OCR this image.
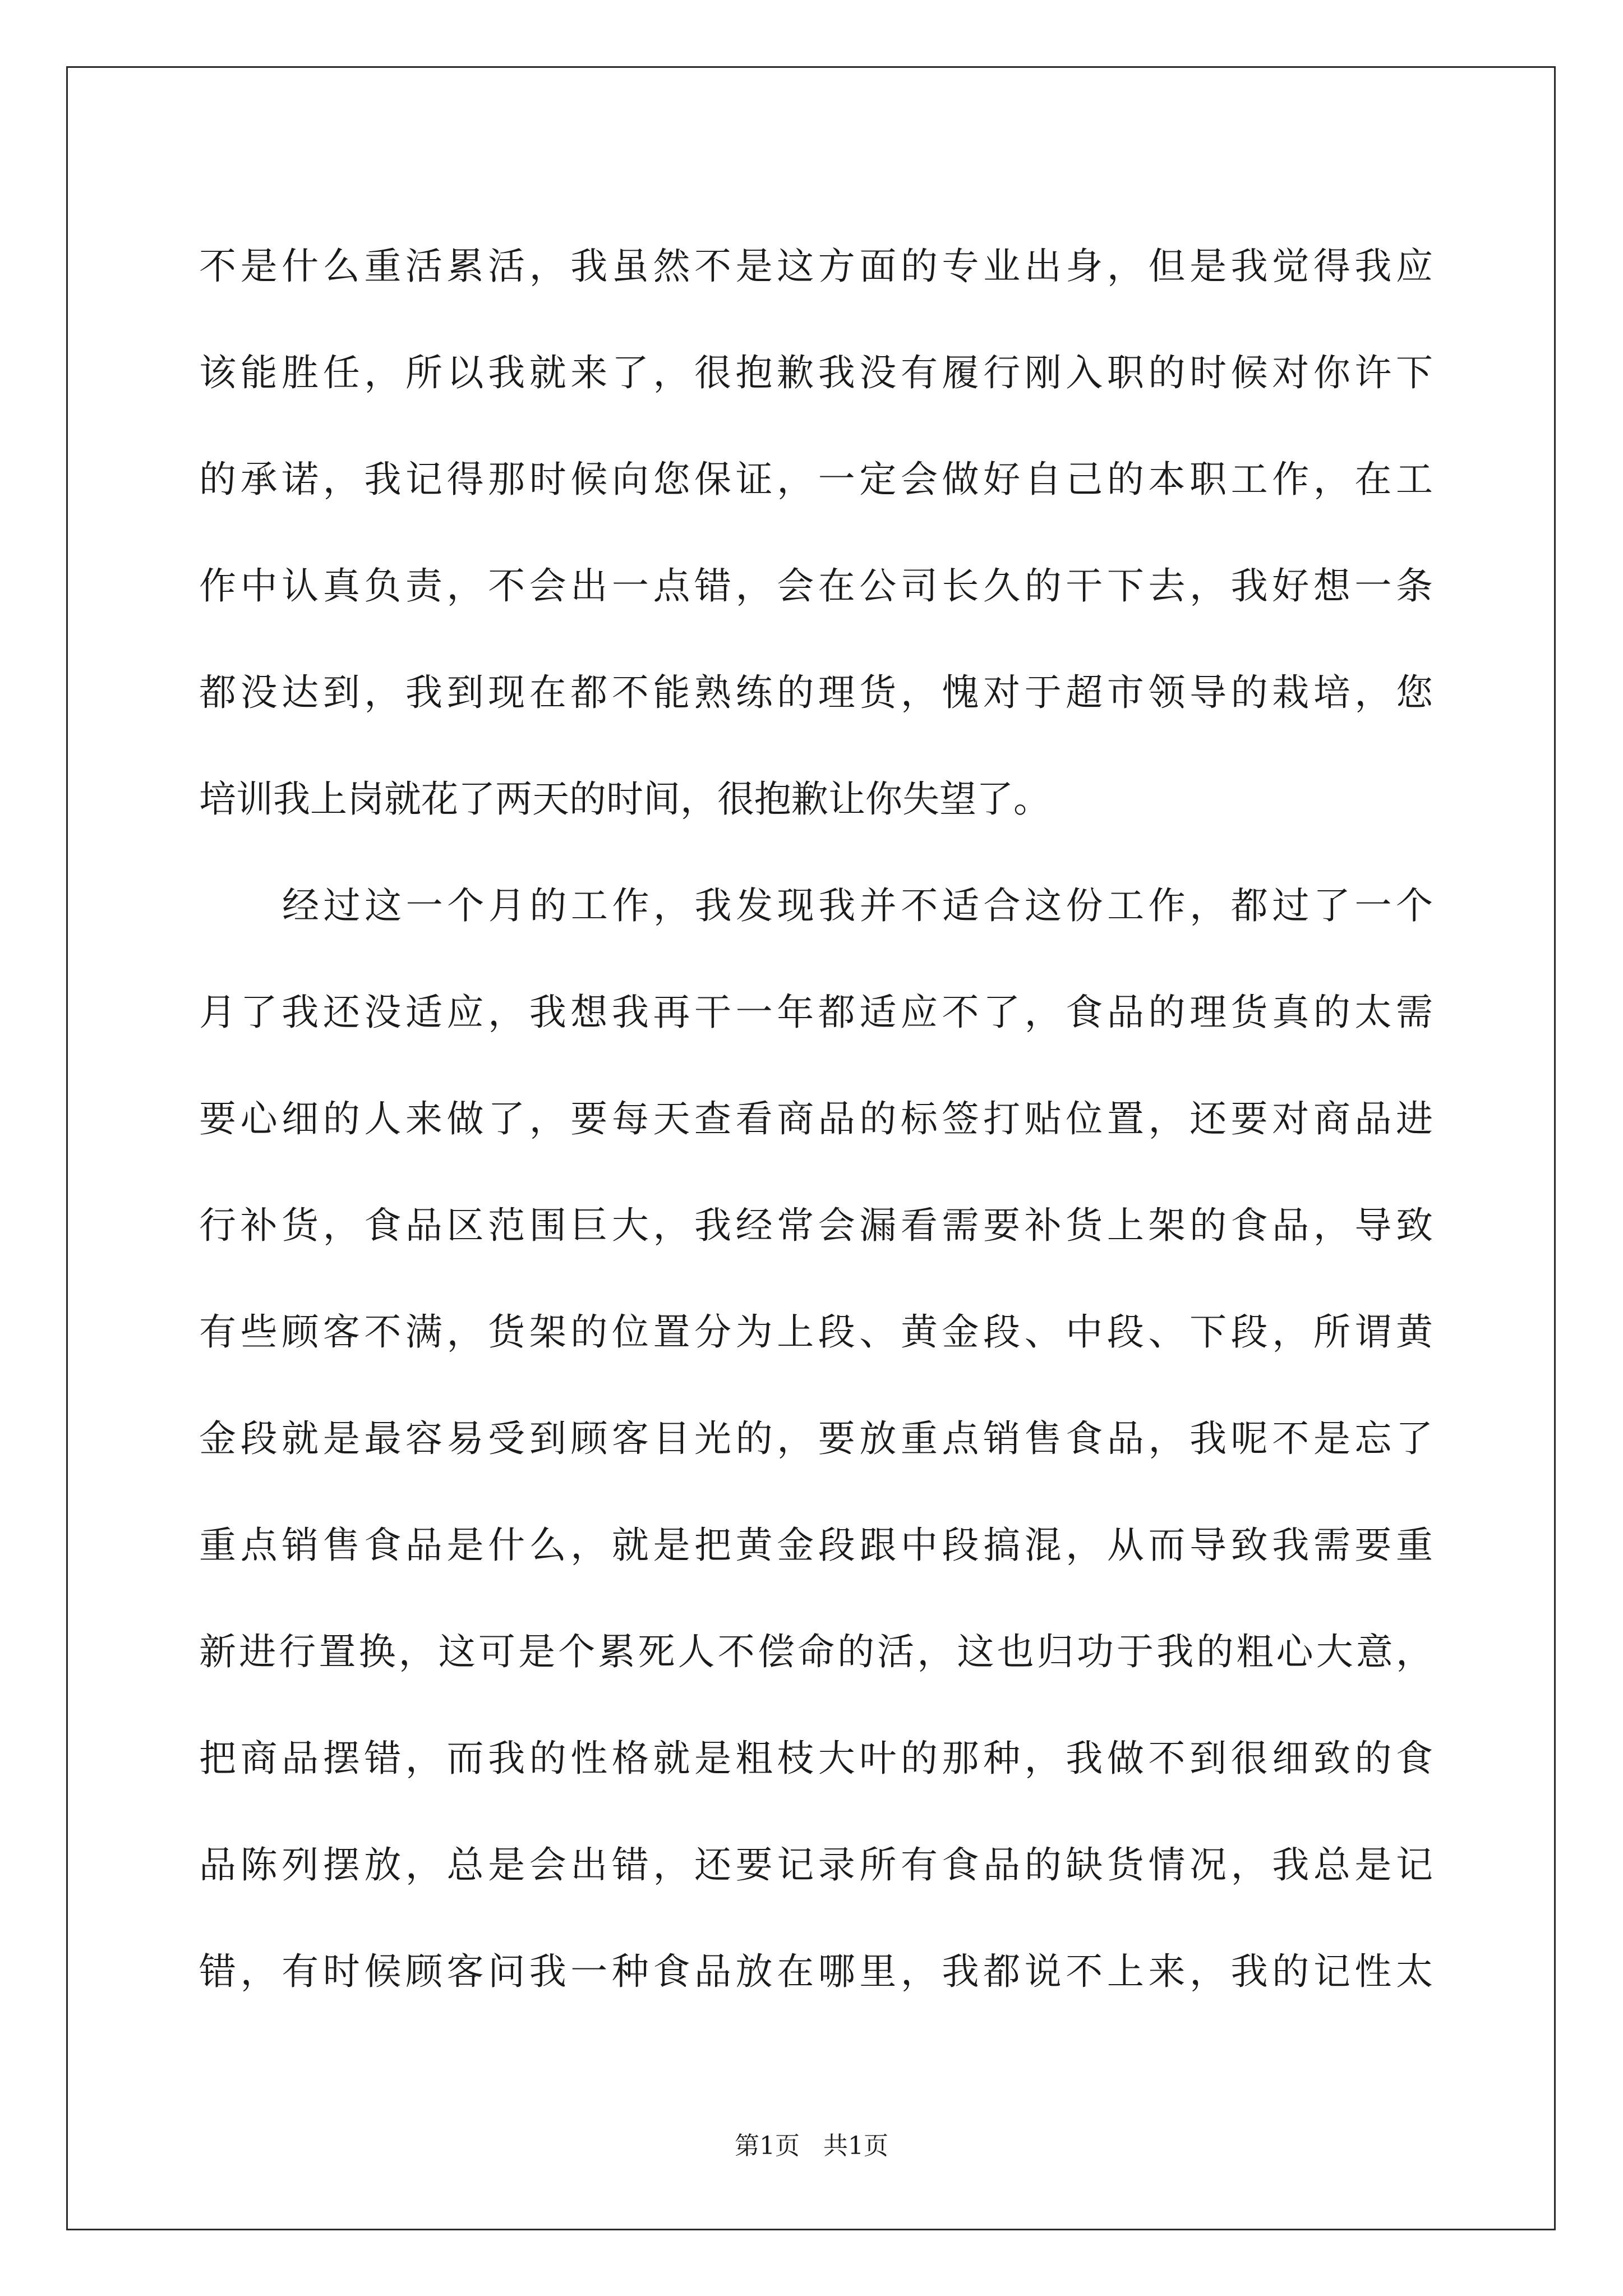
不是什么重活累活，我虽然不是这方面的专业出身，但是我觉得我应
该能胜任，所以我就来了，很抱歉我没有履行刚入职的时候对你许下
的承诺，我记得那时候向您保证，一定会做好自己的本职工作，在工
作中认真负责，不会出一点错，会在公司长久的干下去，我好想一条
都没达到，我到现在都不能熟练的理货，愧对于超市领导的栽培，您
培训我上岗就花了两天的时间，很抱歉让你失望了。
经过这一个月的工作，我发现我并不适合这份工作，都过了一个
月了我还没适应，我想我再干一年都适应不了，食品的理货真的太需
要心细的人来做了，要每天查看商品的标签打贴位置，还要对商品进
行补货，食品区范围巨大，我经常会漏看需要补货上架的食品，导致
有些顾客不满，货架的位置分为上段、黄金段、中段、下段，所谓黄
金段就是最容易受到顾客目光的，要放重点销售食品，我呢不是忘了
重点销售食品是什么，就是把黄金段跟中段搞混，从而导致我需要重
新进行置换，这可是个累死人不偿命的活，这也归功于我的粗心大意，
把商品摆错，而我的性格就是粗枝大叶的那种，我做不到很细致的食
品陈列摆放，总是会出错，还要记录所有食品的缺货情况，我总是记
错，有时候顾客问我一种食品放在哪里，我都说不上来，我的记性太
第1页 共1页
